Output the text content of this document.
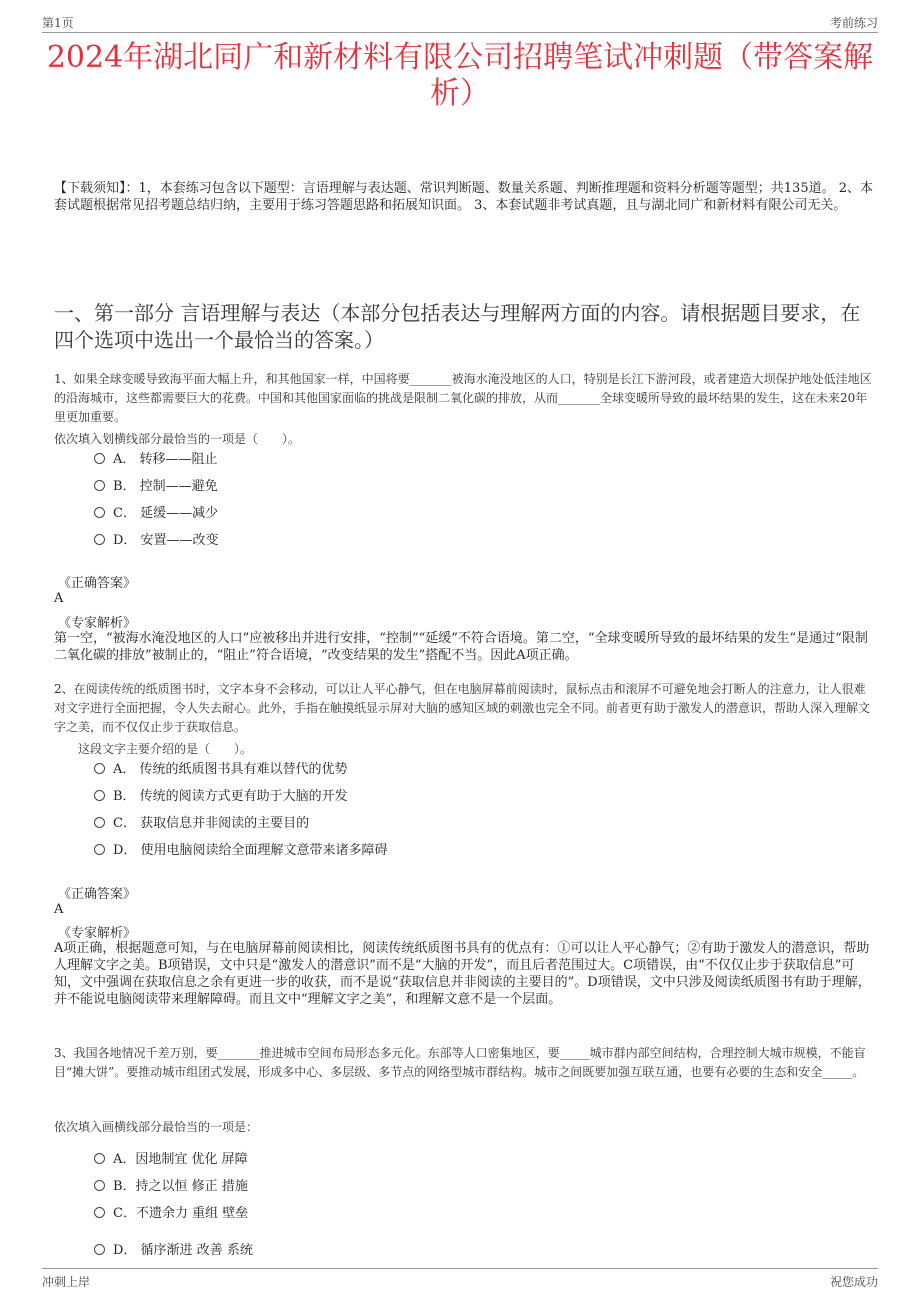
第1页	考前练习
2024年湖北同广和新材料有限公司招聘笔试冲刺题（带答案解析）
【下载须知】：1，本套练习包含以下题型：言语理解与表达题、常识判断题、数量关系题、判断推理题和资料分析题等题型；共135道。 2、本套试题根据常见招考题总结归纳，主要用于练习答题思路和拓展知识面。 3、本套试题非考试真题，且与湖北同广和新材料有限公司无关。
一、第一部分 言语理解与表达（本部分包括表达与理解两方面的内容。请根据题目要求，在四个选项中选出一个最恰当的答案。）
1、如果全球变暖导致海平面大幅上升，和其他国家一样，中国将要_______被海水淹没地区的人口，特别是长江下游河段，或者建造大坝保护地处低洼地区的沿海城市，这些都需要巨大的花费。中国和其他国家面临的挑战是限制二氧化碳的排放，从而_______全球变暖所导致的最坏结果的发生，这在未来20年里更加重要。
依次填入划横线部分最恰当的一项是（　　）。
A． 转移——阻止
B． 控制——避免
C． 延缓——减少
D． 安置——改变
《正确答案》
A
《专家解析》
第一空，“被海水淹没地区的人口”应被移出并进行安排，“控制”“延缓”不符合语境。第二空，“全球变暖所导致的最坏结果的发生”是通过“限制二氧化碳的排放”被制止的，“阻止”符合语境，“改变结果的发生”搭配不当。因此A项正确。
2、在阅读传统的纸质图书时，文字本身不会移动，可以让人平心静气，但在电脑屏幕前阅读时，鼠标点击和滚屏不可避免地会打断人的注意力，让人很难对文字进行全面把握，令人失去耐心。此外，手指在触摸纸显示屏对大脑的感知区域的刺激也完全不同。前者更有助于激发人的潜意识，帮助人深入理解文字之美，而不仅仅止步于获取信息。
这段文字主要介绍的是（　　）。
A． 传统的纸质图书具有难以替代的优势
B． 传统的阅读方式更有助于大脑的开发
C． 获取信息并非阅读的主要目的
D． 使用电脑阅读给全面理解文意带来诸多障碍
《正确答案》
A
《专家解析》
A项正确，根据题意可知，与在电脑屏幕前阅读相比，阅读传统纸质图书具有的优点有：①可以让人平心静气；②有助于激发人的潜意识，帮助人理解文字之美。B项错误，文中只是“激发人的潜意识”而不是“大脑的开发”，而且后者范围过大。C项错误，由“不仅仅止步于获取信息”可知，文中强调在获取信息之余有更进一步的收获，而不是说“获取信息并非阅读的主要目的”。D项错误，文中只涉及阅读纸质图书有助于理解，并不能说电脑阅读带来理解障碍。而且文中“理解文字之美”，和理解文意不是一个层面。
3、我国各地情况千差万别，要_______推进城市空间布局形态多元化。东部等人口密集地区，要_____城市群内部空间结构，合理控制大城市规模，不能盲目“摊大饼”。要推动城市组团式发展，形成多中心、多层级、多节点的网络型城市群结构。城市之间既要加强互联互通，也要有必要的生态和安全_____。
依次填入画横线部分最恰当的一项是：
A．因地制宜 优化 屏障
B．持之以恒 修正 措施
C．不遗余力 重组 壁垒
D． 循序渐进 改善 系统
冲刺上岸	祝您成功
